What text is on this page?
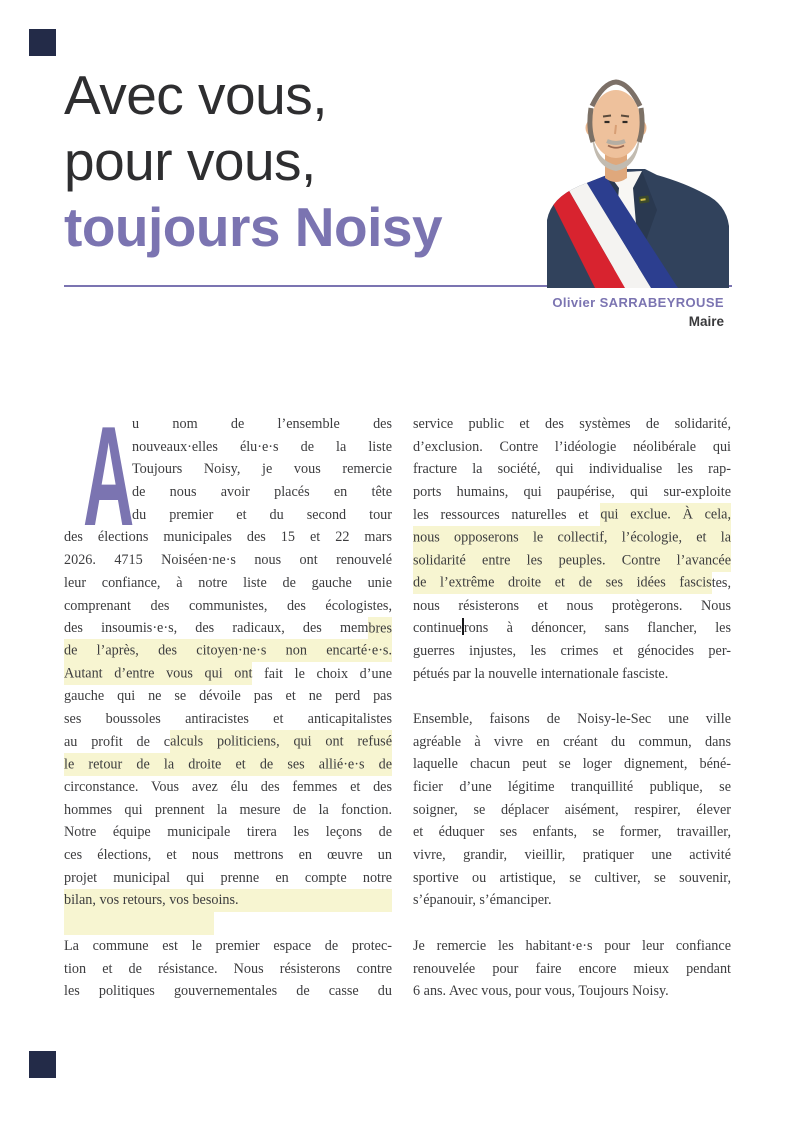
Avec vous,
pour vous,
toujours Noisy
Olivier SARRABEYROUSE
Maire
A
u nom de l’ensemble des
nouveaux·elles élu·e·s de la liste
Toujours Noisy, je vous remercie
de nous avoir placés en tête
du premier et du second tour
des élections municipales des 15 et 22 mars
2026. 4715 Noiséen·ne·s nous ont renouvelé
leur confiance, à notre liste de gauche unie
comprenant des communistes, des écologistes,
des insoumis·e·s, des radicaux, des membres
de l’après, des citoyen·ne·s non encarté·e·s.
Autant d’entre vous qui ont fait le choix d’une
gauche qui ne se dévoile pas et ne perd pas
ses boussoles antiracistes et anticapitalistes
au profit de calculs politiciens, qui ont refusé
le retour de la droite et de ses allié·e·s de
circonstance. Vous avez élu des femmes et des
hommes qui prennent la mesure de la fonction.
Notre équipe municipale tirera les leçons de
ces élections, et nous mettrons en œuvre un
projet municipal qui prenne en compte notre
bilan, vos retours, vos besoins.
La commune est le premier espace de protec-
tion et de résistance. Nous résisterons contre
les politiques gouvernementales de casse du
service public et des systèmes de solidarité,
d’exclusion. Contre l’idéologie néolibérale qui
fracture la société, qui individualise les rap-
ports humains, qui paupérise, qui sur-exploite
les ressources naturelles et qui exclue. À cela,
nous opposerons le collectif, l’écologie, et la
solidarité entre les peuples. Contre l’avancée
de l’extrême droite et de ses idées fascistes,
nous résisterons et nous protègerons. Nous
continue rons à dénoncer, sans flancher, les
guerres injustes, les crimes et génocides per-
pétués par la nouvelle internationale fasciste.
Ensemble, faisons de Noisy-le-Sec une ville
agréable à vivre en créant du commun, dans
laquelle chacun peut se loger dignement, béné-
ficier d’une légitime tranquillité publique, se
soigner, se déplacer aisément, respirer, élever
et éduquer ses enfants, se former, travailler,
vivre, grandir, vieillir, pratiquer une activité
sportive ou artistique, se cultiver, se souvenir,
s’épanouir, s’émanciper.
Je remercie les habitant·e·s pour leur confiance
renouvelée pour faire encore mieux pendant
6 ans. Avec vous, pour vous, Toujours Noisy.
